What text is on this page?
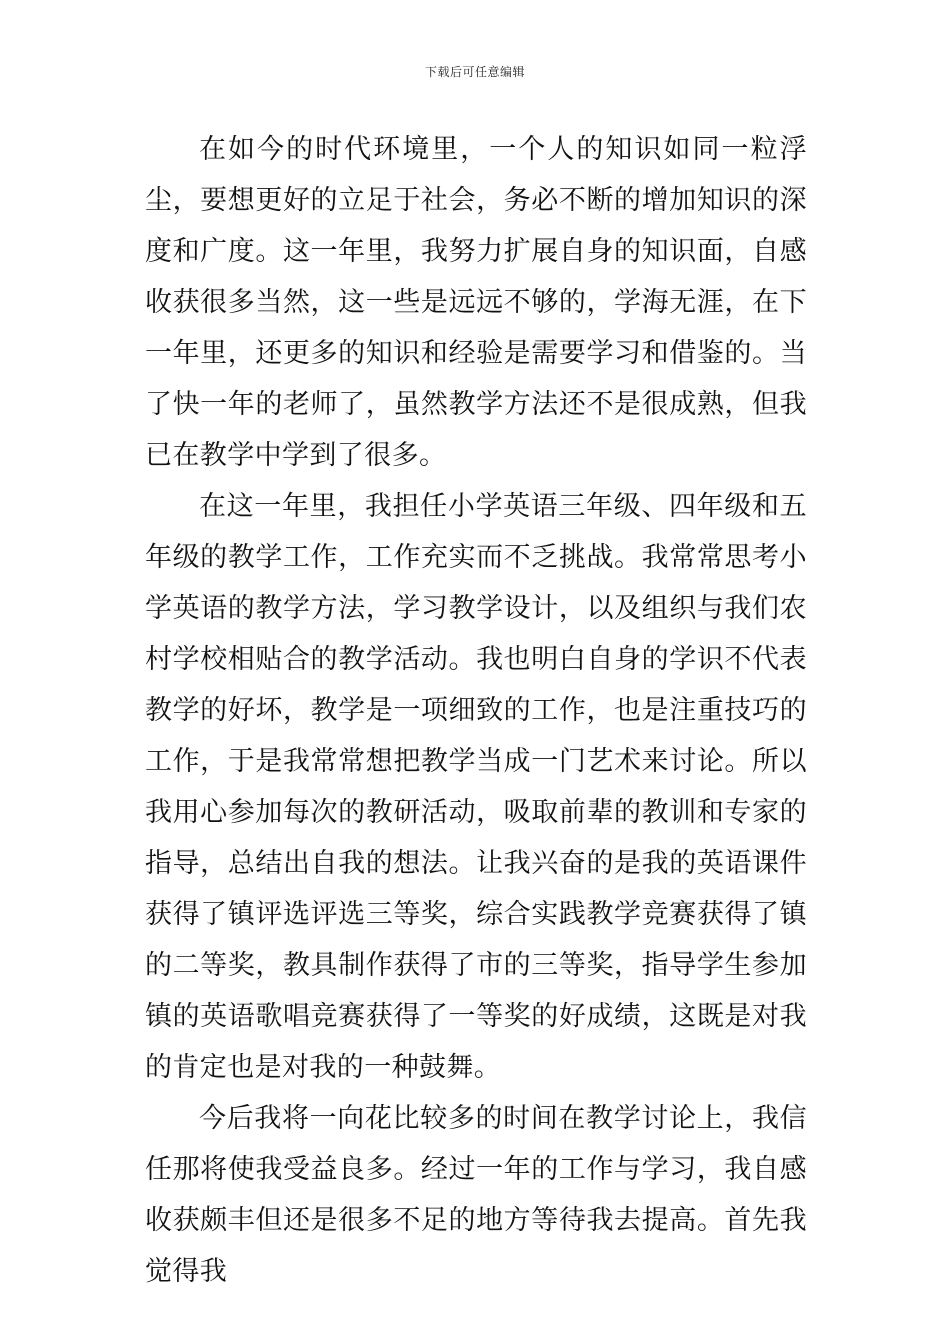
下载后可任意编辑

在如今的时代环境里，一个人的知识如同一粒浮尘，要想更好的立足于社会，务必不断的增加知识的深度和广度。这一年里，我努力扩展自身的知识面，自感收获很多当然，这一些是远远不够的，学海无涯，在下一年里，还更多的知识和经验是需要学习和借鉴的。当了快一年的老师了，虽然教学方法还不是很成熟，但我已在教学中学到了很多。

在这一年里，我担任小学英语三年级、四年级和五年级的教学工作，工作充实而不乏挑战。我常常思考小学英语的教学方法，学习教学设计，以及组织与我们农村学校相贴合的教学活动。我也明白自身的学识不代表教学的好坏，教学是一项细致的工作，也是注重技巧的工作，于是我常常想把教学当成一门艺术来讨论。所以我用心参加每次的教研活动，吸取前辈的教训和专家的指导，总结出自我的想法。让我兴奋的是我的英语课件获得了镇评选评选三等奖，综合实践教学竞赛获得了镇的二等奖，教具制作获得了市的三等奖，指导学生参加镇的英语歌唱竞赛获得了一等奖的好成绩，这既是对我的肯定也是对我的一种鼓舞。

今后我将一向花比较多的时间在教学讨论上，我信任那将使我受益良多。经过一年的工作与学习，我自感收获颇丰但还是很多不足的地方等待我去提高。首先我觉得我
